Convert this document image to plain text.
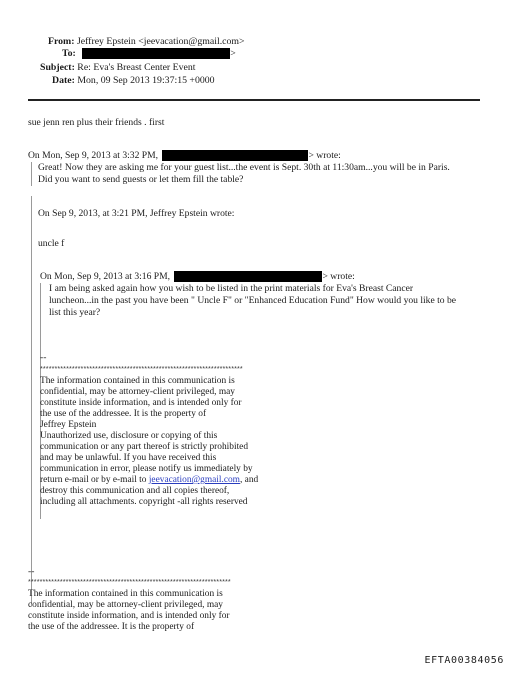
From: Jeffrey Epstein <jeevacation@gmail.com>
To:	>
Subject: Re: Eva's Breast Center Event
Date: Mon, 09 Sep 2013 19:37:15 +0000
sue jenn ren plus their friends . first
On Mon, Sep 9, 2013 at 3:32 PM,	> wrote:
Great! Now they are asking me for your guest list...the event is Sept. 30th at 11:30am...you will be in Paris.
Did you want to send guests or let them fill the table?
On Sep 9, 2013, at 3:21 PM, Jeffrey Epstein wrote:
uncle f
On Mon, Sep 9, 2013 at 3:16 PM,	> wrote:
I am being asked again how you wish to be listed in the print materials for Eva's Breast Cancer
luncheon...in the past you have been " Uncle F" or "Enhanced Education Fund" How would you like to be
list this year?
--
**********************************************************************
The information contained in this communication is
confidential, may be attorney-client privileged, may
constitute inside information, and is intended only for
the use of the addressee. It is the property of
Jeffrey Epstein
Unauthorized use, disclosure or copying of this
communication or any part thereof is strictly prohibited
and may be unlawful. If you have received this
communication in error, please notify us immediately by
return e-mail or by e-mail to jeevacation@gmail.com, and
destroy this communication and all copies thereof,
including all attachments. copyright -all rights reserved
--
**********************************************************************
The information contained in this communication is
confidential, may be attorney-client privileged, may
constitute inside information, and is intended only for
the use of the addressee. It is the property of
EFTA00384056
